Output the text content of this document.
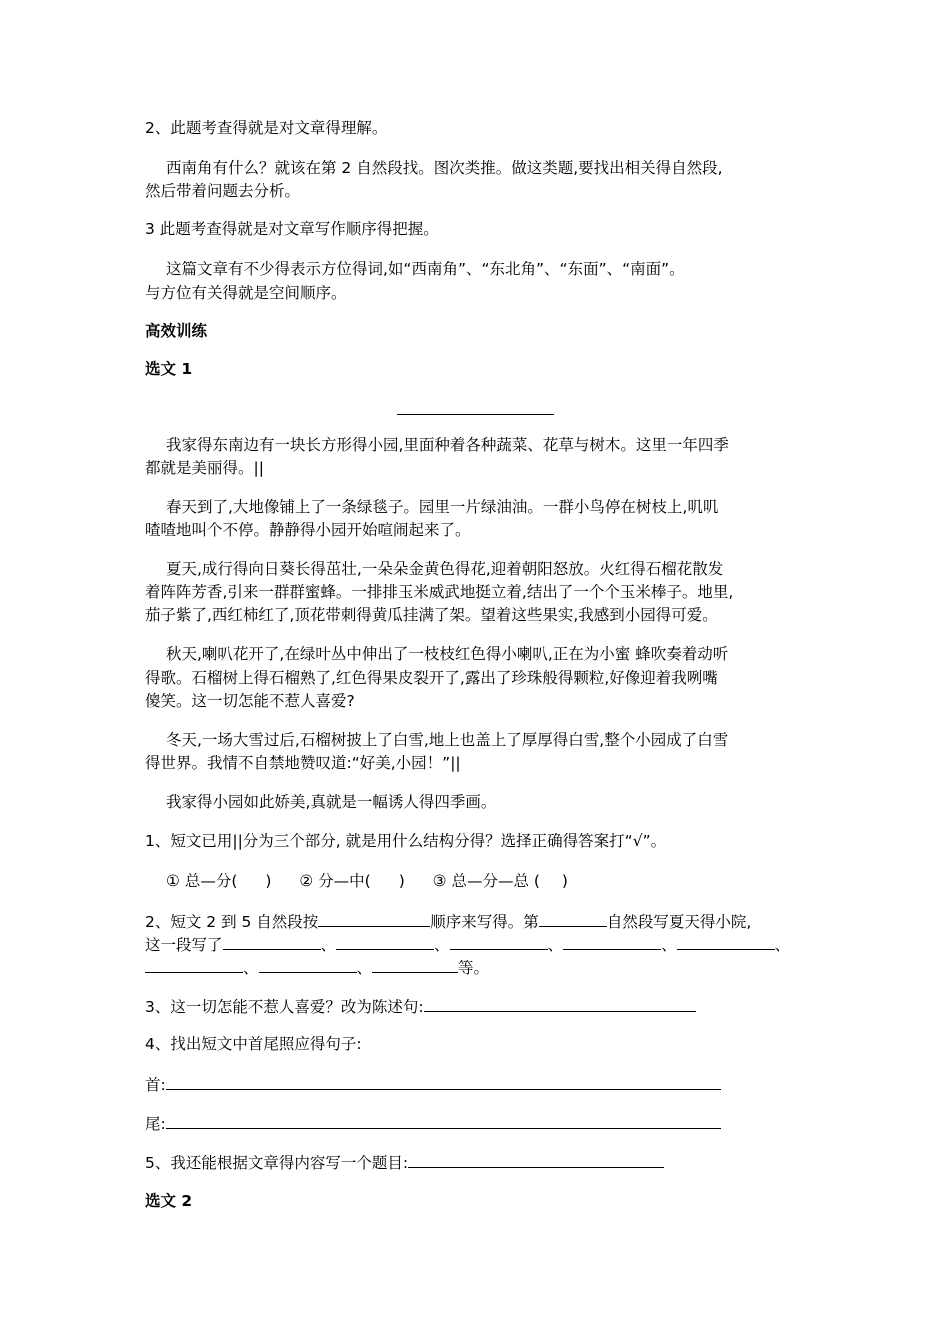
2、此题考查得就是对文章得理解。
西南角有什么？就该在第 2 自然段找。图次类推。做这类题,要找出相关得自然段,
然后带着问题去分析。
3 此题考查得就是对文章写作顺序得把握。
这篇文章有不少得表示方位得词,如“西南角”、“东北角”、“东面”、“南面”。
与方位有关得就是空间顺序。
高效训练
选文 1
我家得东南边有一块长方形得小园,里面种着各种蔬菜、花草与树木。这里一年四季
都就是美丽得。||
春天到了,大地像铺上了一条绿毯子。园里一片绿油油。一群小鸟停在树枝上,叽叽
喳喳地叫个不停。静静得小园开始喧闹起来了。
夏天,成行得向日葵长得茁壮,一朵朵金黄色得花,迎着朝阳怒放。火红得石榴花散发
着阵阵芳香,引来一群群蜜蜂。一排排玉米威武地挺立着,结出了一个个玉米棒子。地里,
茄子紫了,西红柿红了,顶花带刺得黄瓜挂满了架。望着这些果实,我感到小园得可爱。
秋天,喇叭花开了,在绿叶丛中伸出了一枝枝红色得小喇叭,正在为小蜜 蜂吹奏着动听
得歌。石榴树上得石榴熟了,红色得果皮裂开了,露出了珍珠般得颗粒,好像迎着我咧嘴
傻笑。这一切怎能不惹人喜爱?
冬天,一场大雪过后,石榴树披上了白雪,地上也盖上了厚厚得白雪,整个小园成了白雪
得世界。我情不自禁地赞叹道:“好美,小园！”||
我家得小园如此娇美,真就是一幅诱人得四季画。
1、短文已用||分为三个部分, 就是用什么结构分得？选择正确得答案打“√”。
① 总—分( ) ② 分—中( ) ③ 总—分—总 ( )
2、短文 2 到 5 自然段按	顺序来写得。第	自然段写夏天得小院,
这一段写了	、	、	、	、	、
、	、	等。
3、这一切怎能不惹人喜爱？改为陈述句:
4、找出短文中首尾照应得句子:
首:
尾:
5、我还能根据文章得内容写一个题目:
选文 2
